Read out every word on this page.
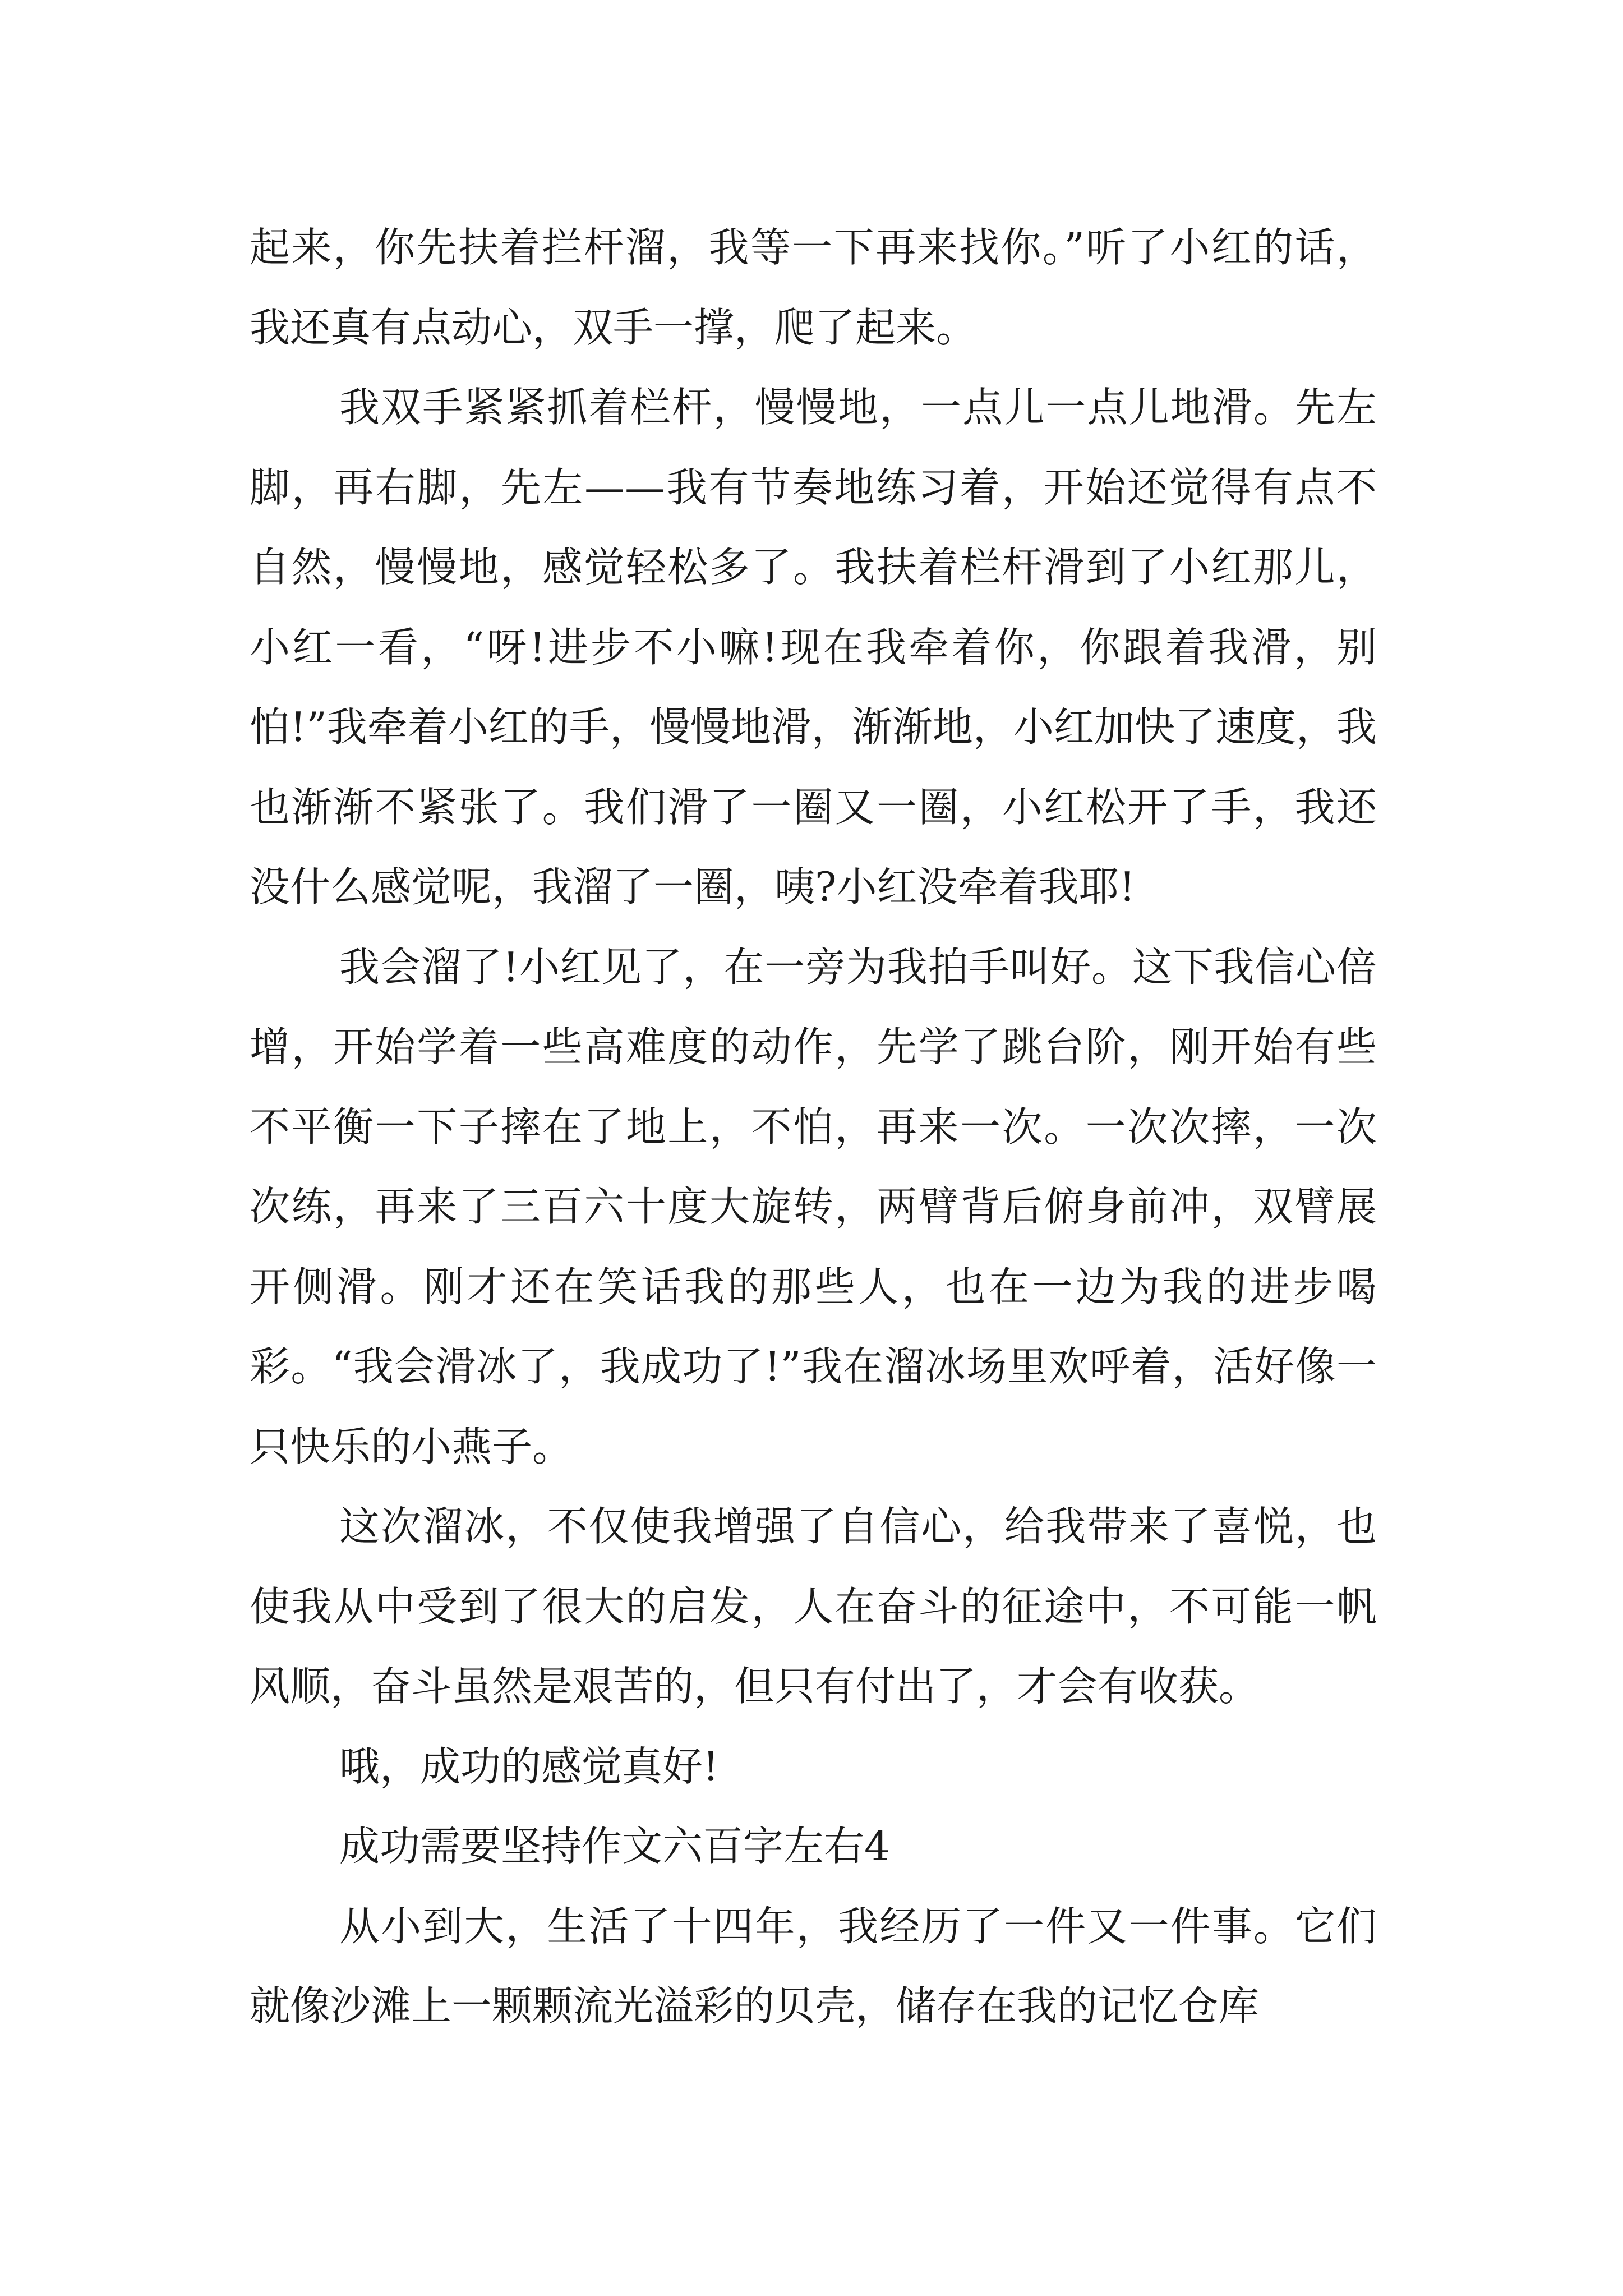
起来，你先扶着拦杆溜，我等一下再来找你。”听了小红的话，我还真有点动心，双手一撑，爬了起来。

我双手紧紧抓着栏杆，慢慢地，一点儿一点儿地滑。先左脚，再右脚，先左——我有节奏地练习着，开始还觉得有点不自然，慢慢地，感觉轻松多了。我扶着栏杆滑到了小红那儿，小红一看，“呀!进步不小嘛!现在我牵着你，你跟着我滑，别怕!”我牵着小红的手，慢慢地滑，渐渐地，小红加快了速度，我也渐渐不紧张了。我们滑了一圈又一圈，小红松开了手，我还没什么感觉呢，我溜了一圈，咦?小红没牵着我耶!

我会溜了!小红见了，在一旁为我拍手叫好。这下我信心倍增，开始学着一些高难度的动作，先学了跳台阶，刚开始有些不平衡一下子摔在了地上，不怕，再来一次。一次次摔，一次次练，再来了三百六十度大旋转，两臂背后俯身前冲，双臂展开侧滑。刚才还在笑话我的那些人，也在一边为我的进步喝彩。“我会滑冰了，我成功了!”我在溜冰场里欢呼着，活好像一只快乐的小燕子。

这次溜冰，不仅使我增强了自信心，给我带来了喜悦，也使我从中受到了很大的启发，人在奋斗的征途中，不可能一帆风顺，奋斗虽然是艰苦的，但只有付出了，才会有收获。

哦，成功的感觉真好!

成功需要坚持作文六百字左右4

从小到大，生活了十四年，我经历了一件又一件事。它们就像沙滩上一颗颗流光溢彩的贝壳，储存在我的记忆仓库
